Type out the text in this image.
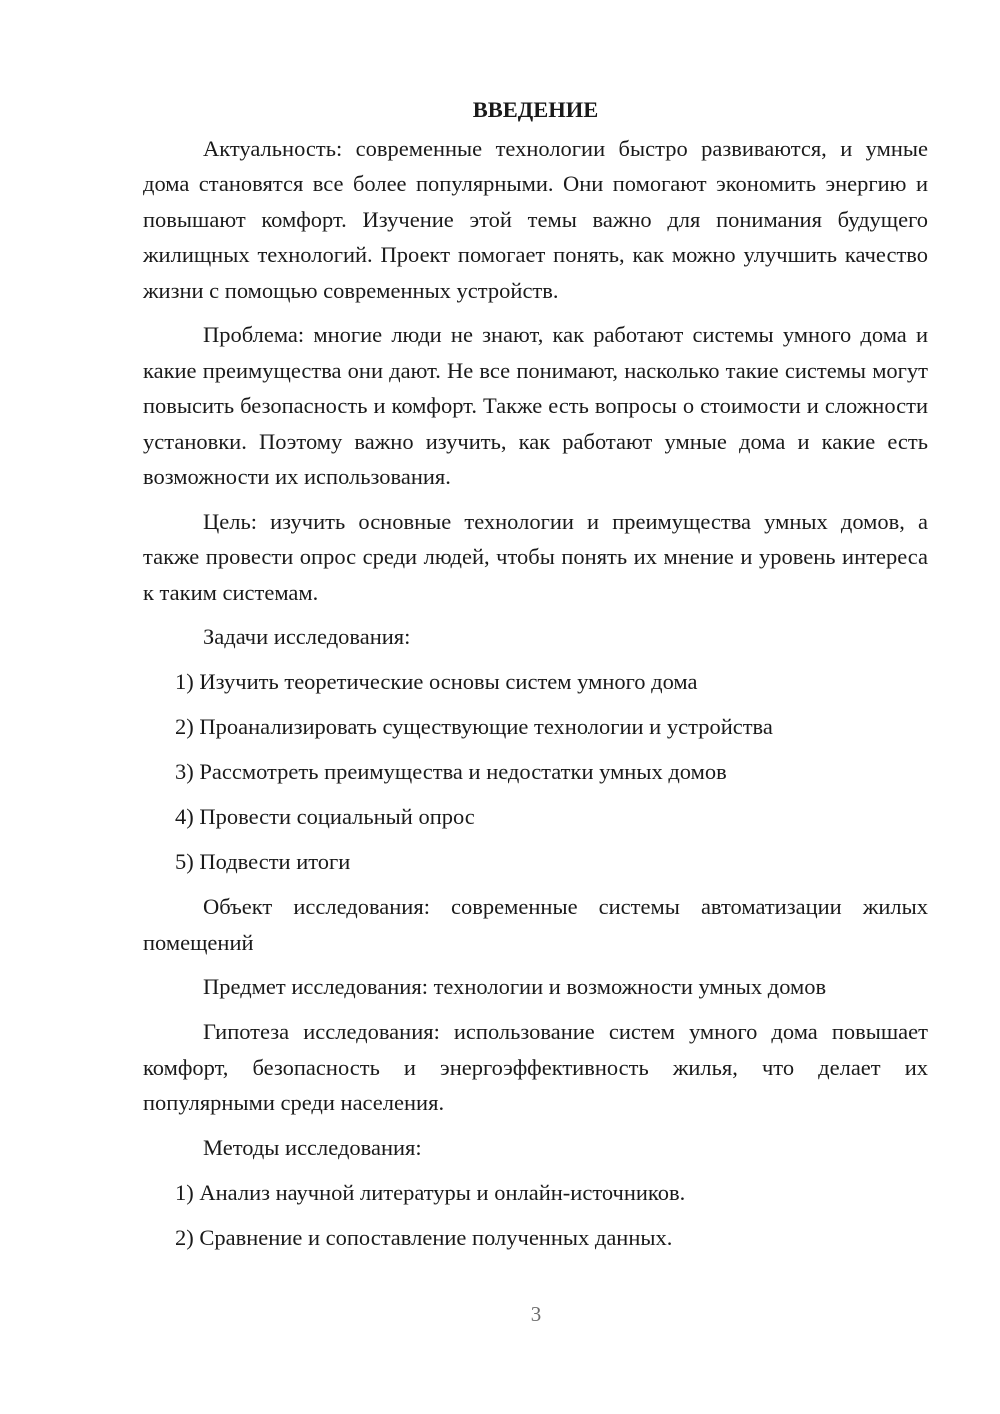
ВВЕДЕНИЕ

Актуальность: современные технологии быстро развиваются, и умные дома становятся все более популярными. Они помогают экономить энергию и повышают комфорт. Изучение этой темы важно для понимания будущего жилищных технологий. Проект помогает понять, как можно улучшить качество жизни с помощью современных устройств.

Проблема: многие люди не знают, как работают системы умного дома и какие преимущества они дают. Не все понимают, насколько такие системы могут повысить безопасность и комфорт. Также есть вопросы о стоимости и сложности установки. Поэтому важно изучить, как работают умные дома и какие есть возможности их использования.

Цель: изучить основные технологии и преимущества умных домов, а также провести опрос среди людей, чтобы понять их мнение и уровень интереса к таким системам.

Задачи исследования:
1) Изучить теоретические основы систем умного дома
2) Проанализировать существующие технологии и устройства
3) Рассмотреть преимущества и недостатки умных домов
4) Провести социальный опрос
5) Подвести итоги

Объект исследования: современные системы автоматизации жилых помещений

Предмет исследования: технологии и возможности умных домов

Гипотеза исследования: использование систем умного дома повышает комфорт, безопасность и энергоэффективность жилья, что делает их популярными среди населения.

Методы исследования:
1) Анализ научной литературы и онлайн-источников.
2) Сравнение и сопоставление полученных данных.
3
